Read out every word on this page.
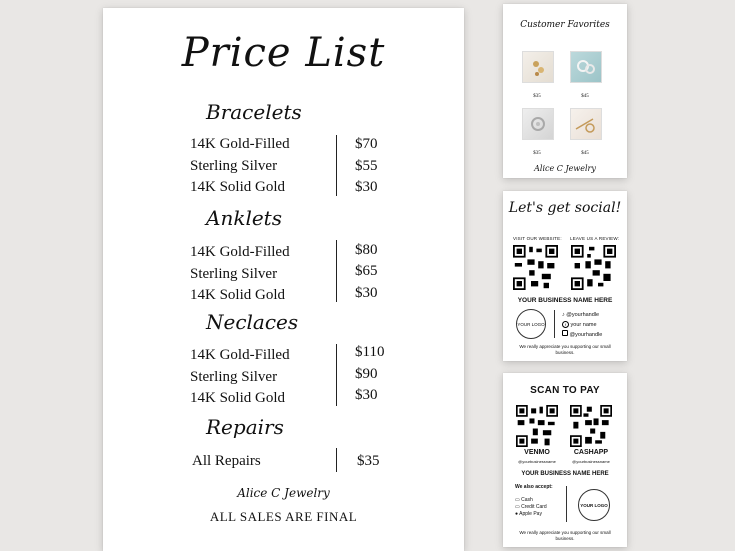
Price List
Bracelets
14K Gold-Filled	$70
Sterling Silver	$55
14K Solid Gold	$30
Anklets
14K Gold-Filled	$80
Sterling Silver	$65
14K Solid Gold	$30
Neclaces
14K Gold-Filled	$110
Sterling Silver	$90
14K Solid Gold	$30
Repairs
All Repairs	$35
Alice C Jewelry
ALL SALES ARE FINAL
Customer Favorites
$35	$45
$35	$45
Alice C Jewelry
Let's get social!
VISIT OUR WEBSITE: LEAVE US A REVIEW:
YOUR BUSINESS NAME HERE
YOUR LOGO
♪ @yourhandle
f your name
@yourhandle
We really appreciate you supporting our small business.
SCAN TO PAY
VENMO	CASHAPP
@yourbusinessname	@yourbusinessname
YOUR BUSINESS NAME HERE
We also accept:
▭ Cash
▭ Credit Card
● Apple Pay
YOUR LOGO
We really appreciate you supporting our small business.
